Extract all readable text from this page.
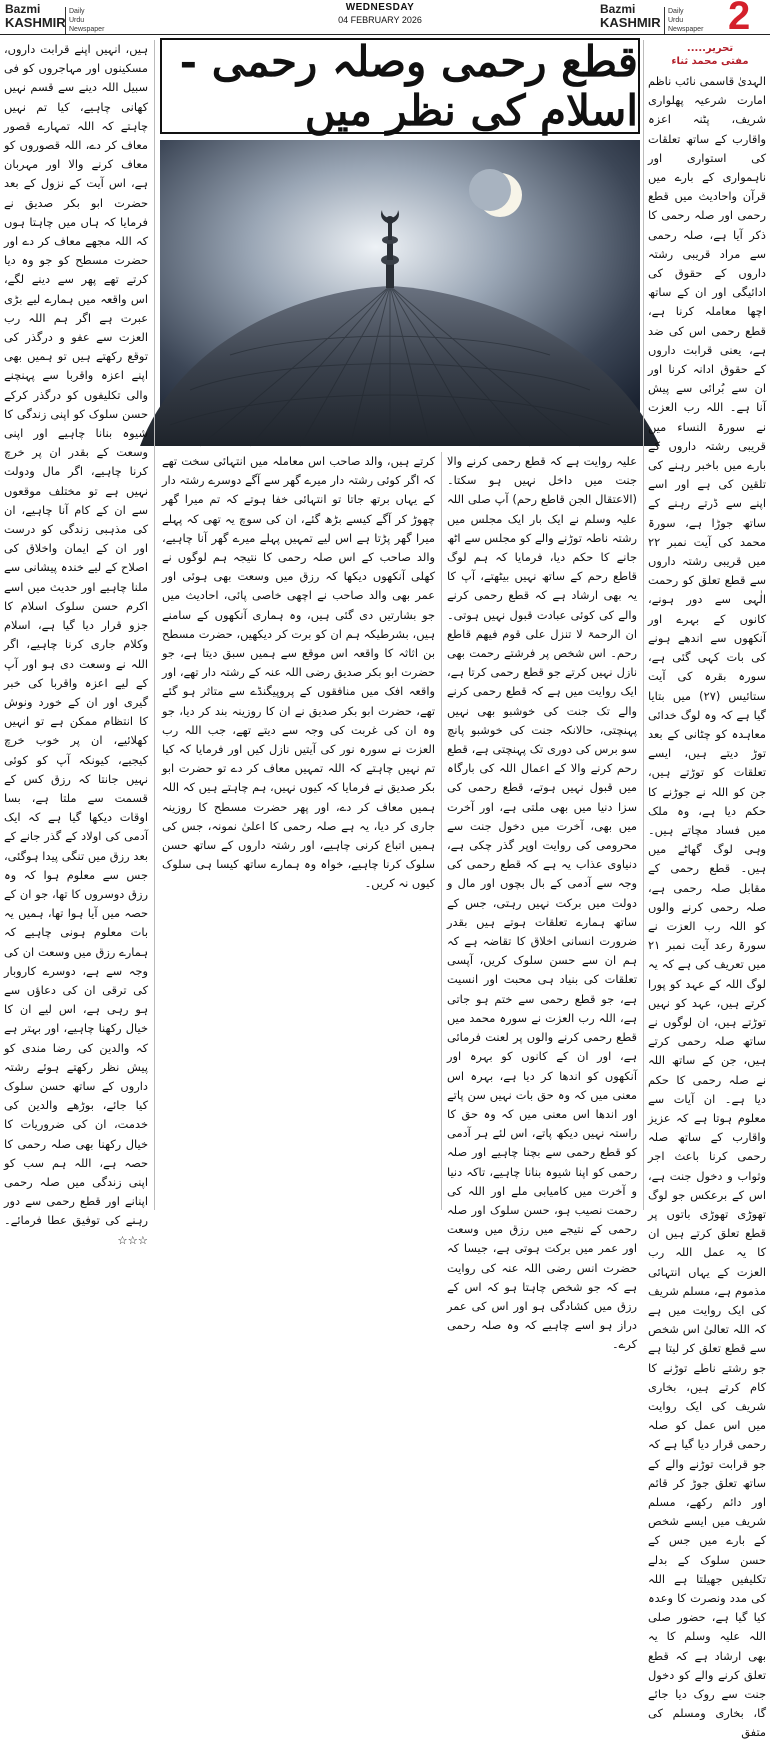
Bazmi
KASHMIR
Daily
Urdu Newspaper
WEDNESDAY
04 FEBRUARY 2026
Bazmi
KASHMIR
Daily
Urdu Newspaper 2
تحریر.....
مفتی محمد ثناء
قطع رحمی وصلہ رحمی - اسلام کی نظر میں

الہدیٰ قاسمی نائب ناظم امارت شرعیہ پھلواری شریف، پٹنہ اعزہ واقارب کے ساتھ تعلقات کی استواری اور ناہمواری کے بارے میں قرآن واحادیث میں قطع رحمی اور صلہ رحمی کا ذکر آیا ہے، صلہ رحمی سے مراد قریبی رشتہ داروں کے حقوق کی ادائیگی اور ان کے ساتھ اچھا معاملہ کرنا ہے، قطع رحمی اس کی ضد ہے، یعنی قرابت داروں کے حقوق ادانہ کرنا اور ان سے بُرائی سے پیش آنا ہے۔ اللہ رب العزت نے سورۃ النساء میں قریبی رشتہ داروں کے بارے میں باخبر رہنے کی تلقین کی ہے اور اسے اپنے سے ڈرتے رہنے کے ساتھ جوڑا ہے، سورۃ محمد کی آیت نمبر ۲۲ میں قریبی رشتہ داروں سے قطع تعلق کو رحمت الٰہی سے دور ہونے، کانوں کے بہرے اور آنکھوں سے اندھے ہونے کی بات کہی گئی ہے، سورہ بقرہ کی آیت ستائیس (۲۷) میں بتایا گیا ہے کہ وہ لوگ خدائی معاہدہ کو چٹانی کے بعد توڑ دیتے ہیں، ایسے تعلقات کو توڑتے ہیں، جن کو اللہ نے جوڑنے کا حکم دیا ہے، وہ ملک میں فساد مچاتے ہیں۔ وہی لوگ گھاٹے میں ہیں۔ قطع رحمی کے مقابل صلہ رحمی ہے، صلہ رحمی کرنے والوں کو اللہ رب العزت نے سورۃ رعد آیت نمبر ۲۱ میں تعریف کی ہے کہ یہ لوگ اللہ کے عہد کو پورا کرتے ہیں، عہد کو نہیں توڑتے ہیں، ان لوگوں نے ساتھ صلہ رحمی کرتے ہیں، جن کے ساتھ اللہ نے صلہ رحمی کا حکم دیا ہے۔ ان آیات سے معلوم ہوتا ہے کہ عزیز واقارب کے ساتھ صلہ رحمی کرنا باعث اجر وثواب و دخول جنت ہے، اس کے برعکس جو لوگ تھوڑی تھوڑی باتوں پر قطع تعلق کرتے ہیں ان کا یہ عمل اللہ رب العزت کے یہاں انتہائی مذموم ہے، مسلم شریف کی ایک روایت میں ہے کہ اللہ تعالیٰ اس شخص سے قطع تعلق کر لیتا ہے جو رشتے ناطے توڑنے کا کام کرتے ہیں، بخاری شریف کی ایک روایت میں اس عمل کو صلہ رحمی قرار دیا گیا ہے کہ جو قرابت توڑنے والے کے ساتھ تعلق جوڑ کر قائم اور دائم رکھے، مسلم شریف میں ایسے شخص کے بارے میں جس کے حسن سلوک کے بدلے تکلیفیں جھیلتا ہے اللہ کی مدد ونصرت کا وعدہ کیا گیا ہے، حضور صلی اللہ علیہ وسلم کا یہ بھی ارشاد ہے کہ قطع تعلق کرنے والے کو دخول جنت سے روک دیا جائے گا، بخاری ومسلم کی متفق

علیہ روایت ہے کہ قطع رحمی کرنے والا جنت میں داخل نہیں ہو سکتا۔ (الاعتقال الجن قاطع رحم) آپ صلی اللہ علیہ وسلم نے ایک بار ایک مجلس میں رشتہ ناطہ توڑنے والے کو مجلس سے اٹھ جانے کا حکم دیا، فرمایا کہ ہم لوگ قاطع رحم کے ساتھ نہیں بیٹھتے، آپ کا یہ بھی ارشاد ہے کہ قطع رحمی کرنے والے کی کوئی عبادت قبول نہیں ہوتی۔ ان الرحمۃ لا تنزل علی قوم فیھم قاطع رحم۔ اس شخص پر فرشتے رحمت بھی نازل نہیں کرتے جو قطع رحمی کرتا ہے، ایک روایت میں ہے کہ قطع رحمی کرنے والے تک جنت کی خوشبو بھی نہیں پہنچتی، حالانکہ جنت کی خوشبو پانچ سو برس کی دوری تک پہنچتی ہے، قطع رحم کرنے والا کے اعمال اللہ کی بارگاہ میں قبول نہیں ہوتے، قطع رحمی کی سزا دنیا میں بھی ملتی ہے، اور آخرت میں بھی، آخرت میں دخول جنت سے محرومی کی روایت اوپر گذر چکی ہے، دنیاوی عذاب یہ ہے کہ قطع رحمی کی وجہ سے آدمی کے بال بچوں اور مال و دولت میں برکت نہیں رہتی، جس کے ساتھ ہمارے تعلقات ہوتے ہیں بقدر ضرورت انسانی اخلاق کا تقاضہ ہے کہ ہم ان سے حسن سلوک کریں، آپسی تعلقات کی بنیاد ہی محبت اور انسیت ہے، جو قطع رحمی سے ختم ہو جاتی ہے، اللہ رب العزت نے سورہ محمد میں قطع رحمی کرنے والوں پر لعنت فرمائی ہے، اور ان کے کانوں کو بہرہ اور آنکھوں کو اندھا کر دیا ہے، بہرہ اس معنی میں کہ وہ حق بات نہیں سن پاتے اور اندھا اس معنی میں کہ وہ حق کا راستہ نہیں دیکھ پاتے، اس لئے ہر آدمی کو قطع رحمی سے بچنا چاہیے اور صلہ رحمی کو اپنا شیوہ بنانا چاہیے، تاکہ دنیا و آخرت میں کامیابی ملے اور اللہ کی رحمت نصیب ہو، حسن سلوک اور صلہ رحمی کے نتیجے میں رزق میں وسعت اور عمر میں برکت ہوتی ہے، جیسا کہ حضرت انس رضی اللہ عنہ کی روایت ہے کہ جو شخص چاہتا ہو کہ اس کے رزق میں کشادگی ہو اور اس کی عمر دراز ہو اسے چاہیے کہ وہ صلہ رحمی کرے۔

کرتے ہیں، والد صاحب اس معاملہ میں انتہائی سخت تھے کہ اگر کوئی رشتہ دار میرے گھر سے آگے دوسرے رشتہ دار کے یہاں برتھ جاتا تو انتہائی خفا ہوتے کہ تم میرا گھر چھوڑ کر آگے کیسے بڑھ گئے، ان کی سوچ یہ تھی کہ پہلے میرا گھر پڑتا ہے اس لیے تمہیں پہلے میرے گھر آنا چاہیے، والد صاحب کے اس صلہ رحمی کا نتیجہ ہم لوگوں نے کھلی آنکھوں دیکھا کہ رزق میں وسعت بھی ہوئی اور عمر بھی والد صاحب نے اچھی خاصی پائی، احادیث میں جو بشارتیں دی گئی ہیں، وہ ہماری آنکھوں کے سامنے ہیں، بشرطیکہ ہم ان کو برت کر دیکھیں، حضرت مسطح بن اثاثہ کا واقعہ اس موقع سے ہمیں سبق دیتا ہے، جو حضرت ابو بکر صدیق رضی اللہ عنہ کے رشتہ دار تھے، اور واقعہ افک میں منافقوں کے پروپیگنڈے سے متاثر ہو گئے تھے، حضرت ابو بکر صدیق نے ان کا روزینہ بند کر دیا، جو وہ ان کی غربت کی وجہ سے دیتے تھے، جب اللہ رب العزت نے سورہ نور کی آیتیں نازل کیں اور فرمایا کہ کیا تم نہیں چاہتے کہ اللہ تمہیں معاف کر دے تو حضرت ابو بکر صدیق نے فرمایا کہ کیوں نہیں، ہم چاہتے ہیں کہ اللہ ہمیں معاف کر دے، اور پھر حضرت مسطح کا روزینہ جاری کر دیا، یہ ہے صلہ رحمی کا اعلیٰ نمونہ، جس کی ہمیں اتباع کرنی چاہیے، اور رشتہ داروں کے ساتھ حسن سلوک کرنا چاہیے، خواہ وہ ہمارے ساتھ کیسا ہی سلوک کیوں نہ کریں۔

ہیں، انہیں اپنے قرابت داروں، مسکینوں اور مہاجروں کو فی سبیل اللہ دینے سے قسم نہیں کھانی چاہیے، کیا تم نہیں چاہتے کہ اللہ تمہارے قصور معاف کر دے، اللہ قصوروں کو معاف کرنے والا اور مہربان ہے، اس آیت کے نزول کے بعد حضرت ابو بکر صدیق نے فرمایا کہ ہاں میں چاہتا ہوں کہ اللہ مجھے معاف کر دے اور حضرت مسطح کو جو وہ دیا کرتے تھے پھر سے دینے لگے، اس واقعہ میں ہمارے لیے بڑی عبرت ہے اگر ہم اللہ رب العزت سے عفو و درگذر کی توقع رکھتے ہیں تو ہمیں بھی اپنے اعزہ واقربا سے پہنچنے والی تکلیفوں کو درگذر کرکے حسن سلوک کو اپنی زندگی کا شیوہ بنانا چاہیے اور اپنی وسعت کے بقدر ان پر خرچ کرنا چاہیے، اگر مال ودولت نہیں ہے تو مختلف موقعوں سے ان کے کام آنا چاہیے، ان کی مذہبی زندگی کو درست اور ان کے ایمان واخلاق کی اصلاح کے لیے خندہ پیشانی سے ملنا چاہیے اور حدیث میں اسے اکرم حسن سلوک اسلام کا جزو قرار دیا گیا ہے، اسلام وکلام جاری کرنا چاہیے، اگر اللہ نے وسعت دی ہو اور آپ کے لیے اعزہ واقربا کی خبر گیری اور ان کے خورد ونوش کا انتظام ممکن ہے تو انہیں کھلائیے، ان پر خوب خرچ کیجیے، کیونکہ آپ کو کوئی نہیں جانتا کہ رزق کس کے قسمت سے ملتا ہے، بسا اوقات دیکھا گیا ہے کہ ایک آدمی کی اولاد کے گذر جانے کے بعد رزق میں تنگی پیدا ہوگئی، جس سے معلوم ہوا کہ وہ رزق دوسروں کا تھا، جو ان کے حصہ میں آیا ہوا تھا، ہمیں یہ بات معلوم ہونی چاہیے کہ ہمارے رزق میں وسعت ان کی وجہ سے ہے، دوسرے کاروبار کی ترقی ان کی دعاؤں سے ہو رہی ہے، اس لیے ان کا خیال رکھنا چاہیے، اور بہتر ہے کہ والدین کی رضا مندی کو پیش نظر رکھتے ہوئے رشتہ داروں کے ساتھ حسن سلوک کیا جائے، بوڑھے والدین کی خدمت، ان کی ضروریات کا خیال رکھنا بھی صلہ رحمی کا حصہ ہے، اللہ ہم سب کو اپنی زندگی میں صلہ رحمی اپنانے اور قطع رحمی سے دور رہنے کی توفیق عطا فرمائے۔ ☆☆☆
